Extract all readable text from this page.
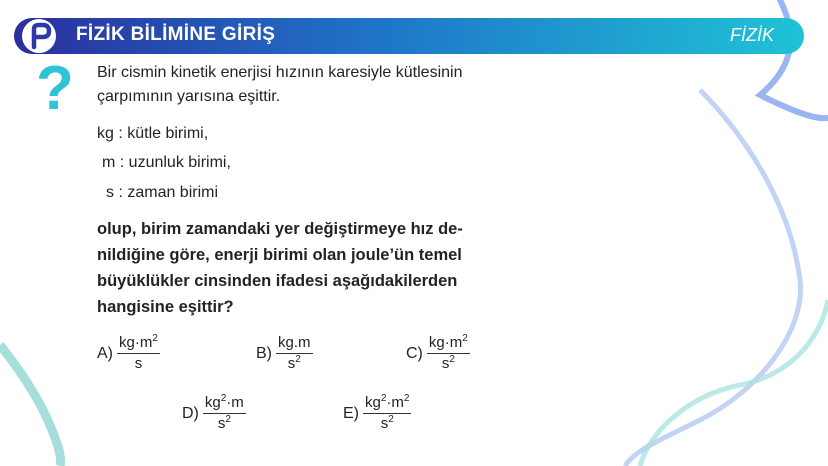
FİZİK BİLİMİNE GİRİŞ	FİZİK
? Bir cismin kinetik enerjisi hızının karesiyle kütlesinin
çarpımının yarısına eşittir.
kg : kütle birimi,
m : uzunluk birimi,
s : zaman birimi
olup, birim zamandaki yer değiştirmeye hız de-
nildiğine göre, enerji birimi olan joule’ün temel
büyüklükler cinsinden ifadesi aşağıdakilerden
hangisine eşittir?
$A) \frac{kg\cdot m^2}{s}$	$B) \frac{kg.m}{s^2}$	$C) \frac{kg\cdot m^2}{s^2}$
$D) \frac{kg^2\cdot m}{s^2}$	$E) \frac{kg^2\cdot m^2}{s^2}$
